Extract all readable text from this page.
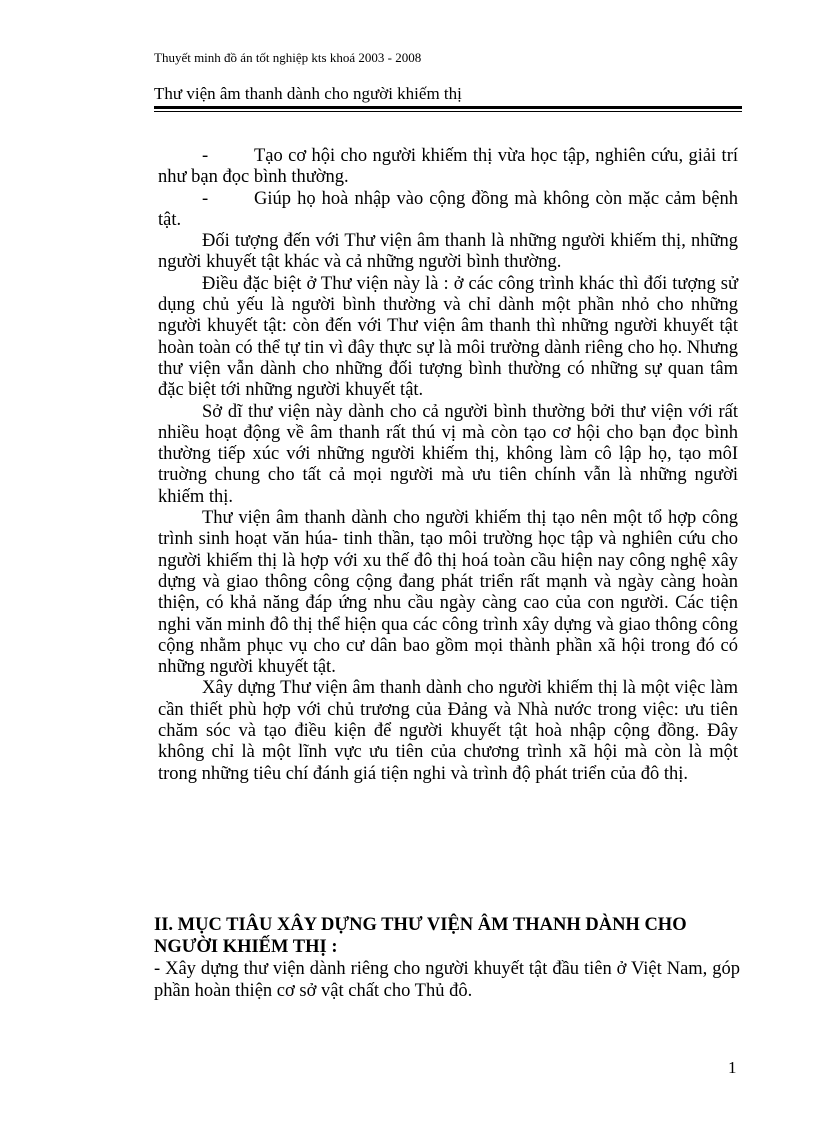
Thuyết minh đồ án tốt nghiệp kts khoá 2003 - 2008
Thư viện âm thanh dành cho người khiếm thị

- Tạo cơ hội cho người khiếm thị vừa học tập, nghiên cứu, giải trí như bạn đọc bình thường.

- Giúp họ hoà nhập vào cộng đồng mà không còn mặc cảm bệnh tật.

Đối tượng đến với Thư viện âm thanh là những người khiếm thị, những người khuyết tật khác và cả những người bình thường.

Điều đặc biệt ở Thư viện này là : ở các công trình khác thì đối tượng sử dụng chủ yếu là người bình thường và chỉ dành một phần nhỏ cho những người khuyết tật: còn đến với Thư viện âm thanh thì những người khuyết tật hoàn toàn có thể tự tin vì đây thực sự là môi trường dành riêng cho họ. Nhưng thư viện vẫn dành cho những đối tượng bình thường có những sự quan tâm đặc biệt tới những người khuyết tật.

Sở dĩ thư viện này dành cho cả người bình thường bởi thư viện với rất nhiều hoạt động về âm thanh rất thú vị mà còn tạo cơ hội cho bạn đọc bình thường tiếp xúc với những người khiếm thị, không làm cô lập họ, tạo môI truờng chung cho tất cả mọi người mà ưu tiên chính vẫn là những người khiếm thị.

Thư viện âm thanh dành cho người khiếm thị tạo nên một tổ hợp công trình sinh hoạt văn húa- tinh thần, tạo môi trường học tập và nghiên cứu cho người khiếm thị là hợp với xu thế đô thị hoá toàn cầu hiện nay công nghệ xây dựng và giao thông công cộng đang phát triển rất mạnh và ngày càng hoàn thiện, có khả năng đáp ứng nhu cầu ngày càng cao của con người. Các tiện nghi văn minh đô thị thể hiện qua các công trình xây dựng và giao thông công cộng nhằm phục vụ cho cư dân bao gồm mọi thành phần xã hội trong đó có những người khuyết tật.

Xây dựng Thư viện âm thanh dành cho người khiếm thị là một việc làm cần thiết phù hợp với chủ trương của Đảng và Nhà nước trong việc: ưu tiên chăm sóc và tạo điều kiện để người khuyết tật hoà nhập cộng đồng. Đây không chỉ là một lĩnh vực ưu tiên của chương trình xã hội mà còn là một trong những tiêu chí đánh giá tiện nghi và trình độ phát triển của đô thị.

II. MỤC TIÂU XÂY DỰNG THƯ VIỆN ÂM THANH DÀNH CHO NGƯỜI KHIẾM THỊ :

- Xây dựng thư viện dành riêng cho người khuyết tật đầu tiên ở Việt Nam, góp phần hoàn thiện cơ sở vật chất cho Thủ đô.

1
